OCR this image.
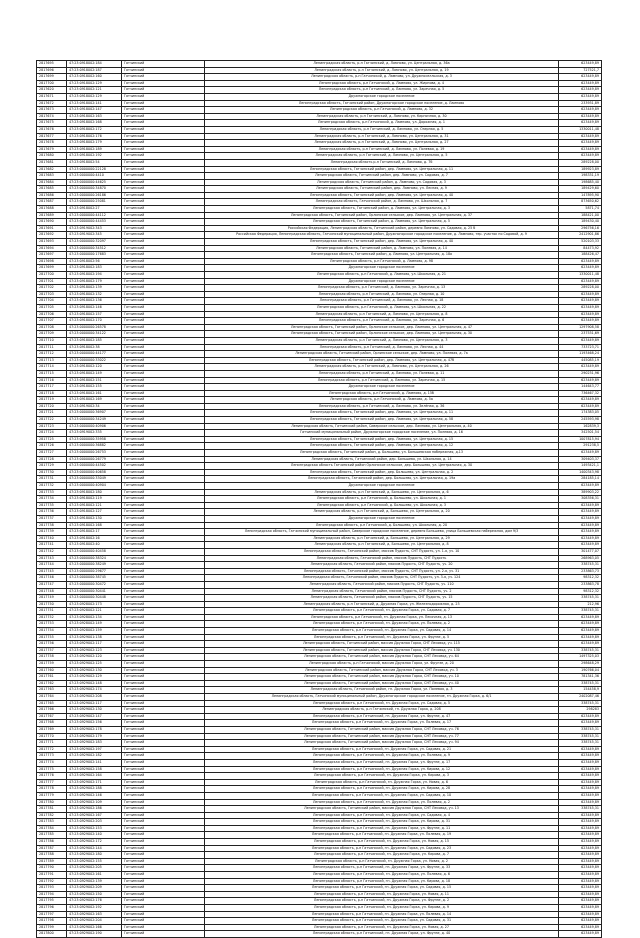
2817695	47:23:0918002:184	Гатчинский	Ленинградская область, р-н Гатчинский, д. Лампово, ул. Центральная, д. 36а	623449,89
2817696	47:23:0918002:187	Гатчинский	Ленинградская область, р-н Гатчинский, д. Лампово, ул. Центральная, д. 19	727521,7
2817699	47:23:0918002:160	Гатчинский	Ленинградская область, р-н Гатчинский, д. Лампово, ул. Дружноселльская, д. 3	623449,89
2817700	47:23:0918002:129	Гатчинский	Ленинградская область, р-н Гатчинский, д. Лампово, ул. Жирнова, д. 4	623449,89
2817620	47:23:0918002:121	Гатчинский	Ленинградская область, р-н Гатчинский, д. Лампово, ул. Заречная, д. 5	623449,89
2817671	47:23:0918002:129	Гатчинский	Дружногорское городское поселение	623449,89
2817672	47:23:0918002:141	Гатчинский	Ленинградская область, Гатчинский район, Дружногорское городское поселение, д. Лампово	233931,89
2817673	47:23:0918002:147	Гатчинский	Ленинградская область, р-н Гатчинский, д. Лампово, д. 32	623449,89
2817674	47:23:0918002:163	Гатчинский	Ленинградская область, р-н Гатчинский, д. Лампово, ул. Кирпичная, д. 30	623449,89
2817675	47:23:0918002:168	Гатчинский	Ленинградская область, р-н Гатчинский, д. Лампово, ул. Дорожная, д. 1	623449,89
2817676	47:23:0918002:172	Гатчинский	Ленинградская область, р-н Гатчинский, д. Лампово, ул. Озерная, д. 5	1330011,48
2817677	47:23:0918002:176	Гатчинский	Ленинградская область, р-н Гатчинский, д. Лампово, ул. Центральная, д. 31	623449,89
2817678	47:23:0918002:179	Гатчинский	Ленинградская область, р-н Гатчинский, д. Лампово, ул. Центральная, д. 27	623449,89
2817679	47:23:0918002:189	Гатчинский	Ленинградская область, р-н Гатчинский, д. Лампово, ул. Полевая, д. 19	623449,89
2817680	47:23:0918002:192	Гатчинский	Ленинградская область, р-н Гатчинский, д. Лампово, ул. Центральная, д. 5	623449,89
2817681	47:23:0918002:54	Гатчинский	Ленинградская область р-н Гатчинский, д. Лампово, д. 7б	289228,00
2817682	47:23:0000000:22128	Гатчинский	Ленинградская область, Гатчинский район, дер. Лампово, ул. Центральная, д. 11	189923,89
2817683	47:23:0000000:4410	Гатчинский	Ленинградская область, Гатчинский район, дер. Лампово, ул. Садовая, д. 7	198331,19
2817684	47:23:0000000:44625	Гатчинский	Ленинградская область, Гатчинский район, д. Лампово, ул. Садовая, д. 3	198685,40
2817685	47:23:0000000:34870	Гатчинский	Ленинградская область, Гатчинский район, дер. Лампово, ул. Лесная, д. 9	189429,60
2817686	47:23:0000000:26186	Гатчинский	Ленинградская область, Гатчинский район, дер. Лампово, ул. Центральная, д. 40	147895,90
2817687	47:23:0000000:25081	Гатчинский	Ленинградская область, Гатчинский район, д. Лампово, ул. Школьная, д. 7	873650,62
2817688	47:23:0918002:27	Гатчинский	Ленинградская область, Гатчинский район, д. Лампово, ул. Центральная, д. 3	5871,74
2817689	47:23:0000000:44112	Гатчинский	Ленинградская область, Гатчинский район, Орлинское сельское, дер. Лампово, ул. Центральная, д. 37	188421,00
2817690	47:23:0000000:44453	Гатчинский	Ленинградская область, Гатчинский район, д. Лампово, ул. Центральная, д. 5	189430,40
2817691	47:23:0919002:343	Гатчинский	Российская Федерация, Ленинградская область, Гатчинский район, деревня Лампово, ул. Садовая, д. 25 б	296756,16
2817692	47:23:0919002:345	Гатчинский	Российская Федерация, Ленинградская область, Гатчинский муниципальный район, Дружногорское городское поселение, д. Лампово, тер. участок по Садовой, д. 9	2412901,86
2817693	47:23:0000000:32097	Гатчинский	Ленинградская область, Гатчинский район, дер. Лампово, ул. Центральная, д. 40	520103,33
2817694	47:23:0000000:34512	Гатчинский	Ленинградская область, Гатчинский район, д. Лампово, ул. Полевая, д. 14	84473,92
2817697	47:23:0000000:17683	Гатчинский	Ленинградская область, Гатчинский район, д. Лампово, ул. Центральная, д. 18а	188426,47
2817698	47:23:0918002:56	Гатчинский	Ленинградская область, р-н Гатчинский, д. Лампово, д. 98	623449,89
2817699	47:23:0918002:183	Гатчинский	Дружногорское городское поселение	623449,89
2817700	47:23:0918002:194	Гатчинский	Ленинградская область, р-н Гатчинский, д. Лампово, ул. Школьная, д. 21	1330011,48
2817701	47:23:0918002:179	Гатчинский	Дружногорское городское поселение	623449,89
2817702	47:23:0918002:139	Гатчинский	Ленинградская область, р-н Гатчинский, д. Лампово, ул. Заречная, д. 13	289228,00
2817703	47:23:0918002:132	Гатчинский	Ленинградская область, р-н Гатчинский, д. Лампово, ул. Озерная, д. 10	623449,89
2817704	47:23:0918002:136	Гатчинский	Ленинградская область, р-н Гатчинский, д. Лампово, ул. Лесная, д. 18	623449,89
2817705	47:23:0918002:146	Гатчинский	Ленинградская область, р-н Гатчинский, д. Лампово, ул. Школьная, д. 22	623449,89
2817706	47:23:0918002:157	Гатчинский	Ленинградская область, р-н Гатчинский, д. Лампово, ул. Центральная, д. 8	623449,89
2817707	47:23:0918002:170	Гатчинский	Ленинградская область, р-н Гатчинский, д. Лампово, ул. Заречная, д. 6	623449,89
2817708	47:23:0000000:26578	Гатчинский	Ленинградская область, Гатчинский район, Орлинское сельское, дер. Лампово, ул. Центральная, д. 47	1297908,58
2817709	47:23:0000000:34122	Гатчинский	Ленинградская область, Гатчинский район, Орлинское сельское, дер. Лампово, ул. Центральная, д. 30	237531,69
2817710	47:23:0918002:185	Гатчинский	Ленинградская область, р-н Гатчинский, д. Лампово, ул. Центральная, д. 3	623449,89
2817711	47:23:0918002:38	Гатчинский	Ленинградская область, р-н Гатчинский, д. Лампово, ул. Лесная, д. 44	733723,71
2817712	47:23:0000000:44177	Гатчинский	Ленинградская область, Гатчинский район, Орлинское сельское, дер. Лампово, ул. Полевая, д. 7а	1193468,24
2817713	47:23:0000000:33022	Гатчинский	Ленинградская область, Гатчинский район, дер. Лампово, ул. Центральная, д. 47б	445085,19
2817714	47:23:0918002:120	Гатчинский	Ленинградская область, р-н Гатчинский, д. Лампово, ул. Центральная, д. 26	623449,89
2817715	47:23:0918002:149	Гатчинский	Ленинградская область, р-н Гатчинский, д. Лампово, ул. Полевая, д. 11	290231,96
2817716	47:23:0918002:151	Гатчинский	Ленинградская область, р-н Гатчинский, д. Лампово, ул. Заречная, д. 15	623449,89
2817717	47:23:0918002:155	Гатчинский	Дружногорское городское поселение	144643,77
2817718	47:23:0918002:161	Гатчинский	Ленинградская область, р-н Гатчинский, д. Лампово, д. 15б	736467,32
2817719	47:23:0918002:169	Гатчинский	Ленинградская область, р-н Гатчинский, д. Лампово, д. 5а	623449,89
2817720	47:23:0919002:34	Гатчинский	Ленинградская область, р-н Гатчинский, д. Лампово, ул. Зелёная, д. 36	623449,89
2817721	47:23:0000000:36907	Гатчинский	Ленинградская область, Гатчинский район, дер. Лампово, ул. Центральная, д. 11	174383,05
2817722	47:23:0000000:34249	Гатчинский	Ленинградская область, Гатчинский район, дер. Лампово, ул. Центральная, д. 58	245593,98
2817723	47:23:0000000:40906	Гатчинский	Ленинградская область, Гатчинский район, Сиверское сельское, дер. Лампово, ул. Центральная, д. 40	162839,3
2817724	47:23:0919002:335	Гатчинский	Гатчинский муниципальный район, Дружногорское городское поселение, ул. Полевая, д. 16	342501,54
2817725	47:23:0000000:35958	Гатчинский	Ленинградская область, Гатчинский район, дер. Лампово, ул. Центральная, д. 15	1007815,94
2817726	47:23:0000000:36882	Гатчинский	Ленинградская область, Гатчинский район, дер. Лампово, ул. Центральная, д. 12	291238,5
2817727	47:23:0000000:26753	Гатчинский	Ленинградская область, Гатчинский район, д. Большево, ул. Большевская набережная, д.13	623449,89
2817728	47:23:0000000:26779	Гатчинский	Ленинградская область, Гатчинский район, дер. Большево, ул. Школьная, д. 14	309403,37
2817729	47:23:0000000:44502	Гатчинский	Ленинградская область Гатчинский район Орлинское сельское, дер. Большево, ул. Центральная, д. 30	1493421,1
2817730	47:23:0000000:40658	Гатчинский	Ленинградская область, Гатчинский район, дер. Большево, ул. Центральная, д. 2	1400343,98
2817731	47:23:0000000:33049	Гатчинский	Ленинградская область, Гатчинский район, дер. Большево, ул. Центральная, д. 19а	284185,14
2817732	47:23:0000000:40904	Гатчинский	Дружногорское городское поселение	623449,89
2817733	47:23:0918002:180	Гатчинский	Ленинградская область, р-н Гатчинский, д. Большево, ул. Центральная, д. 6	389903,22
2817734	47:23:0918002:119	Гатчинский	Ленинградская область, р-н Гатчинский, д. Большево, ул. Школьная, д. 1	308356,31
2817735	47:23:0918002:121	Гатчинский	Ленинградская область, р-н Гатчинский, д. Большево, ул. Школьная, д. 3	623449,89
2817736	47:23:0918002:127	Гатчинский	Ленинградская область, р-н Гатчинский, д. Большево, ул. Центральная, д. 20	623449,89
2817737	47:23:0918002:130	Гатчинский	Дружногорское городское поселение	623449,89
2817738	47:23:0918002:168	Гатчинский	Ленинградская область, р-н Гатчинский, д. Большево, ул. Школьная, д. 20	623449,89
2817739	47:23:0918002:17	Гатчинский	Ленинградская область, Гатчинский муниципальный район, Сиверское городское поселение, деревня Большево, улица Большевская набережная, дом 9/3	623449,89
2817740	47:23:0918002:16	Гатчинский	Ленинградская область, р-н Гатчинский, д. Большево, ул. Центральная, д. 29	623449,89
2817741	47:23:0918002:40	Гатчинский	Ленинградская область, р-н Гатчинский, д. Большево, ул. Центральная, д. 8	623449,89
2817742	47:23:0000000:40458	Гатчинский	Ленинградская область, Гатчинский район, массив Пудость, СНТ Пудость, ул. 1-я, уч. 10	301477,07
2817743	47:23:0000000:38324	Гатчинский	Ленинградская область, Гатчинский район, массив Пудость, СНТ Пудость	268963,05
2817744	47:23:0000000:38249	Гатчинский	Ленинградская область, Гатчинский район, массив Пудость, СНТ Пудость, уч. 20	338745,31
2817745	47:23:0000000:29677	Гатчинский	Ленинградская область, Гатчинский район, массив Пудость, СНТ Пудость, ул. 2-я, уч. 31	233863,73
2817746	47:23:0000000:38745	Гатчинский	Ленинградская область, Гатчинский район, массив Пудость, СНТ Пудость, ул. 3-я, уч. 124	98312,32
2817747	47:23:0000000:30472	Гатчинский	Ленинградская область, Гатчинский район, массив Пудость, СНТ Пудость, уч. 110	233863,78
2817748	47:23:0000000:30441	Гатчинский	Ленинградская область, Гатчинский район, массив Пудость, СНТ Пудость, уч. 2	98312,32
2817749	47:23:0000000:30448	Гатчинский	Ленинградская область, Гатчинский район, массив Пудость, СНТ Пудость, уч. 15	338745,31
2817750	47:23:0928002:173	Гатчинский	Ленинградская область, р-н Гатчинский, д. Дружная Горка, ул. Железнодорожная, д. 23	212,96
2817751	47:23:0928002:121	Гатчинский	Ленинградская область, р-н Гатчинский, гп. Дружная Горка, ул. Садовая, д. 7	338745,31
2817752	47:23:0928002:134	Гатчинский	Ленинградская область, р-н Гатчинский, гп. Дружная Горка, ул. Песочная, д. 13	623449,89
2817753	47:23:0928002:149	Гатчинский	Ленинградская область, р-н Гатчинский, гп. Дружная Горка, ул. Полевая, д. 2	623449,89
2817754	47:23:0928002:159	Гатчинский	Ленинградская область, р-н Гатчинский, гп. Дружная Горка, ул. Садовая, д. 14	623449,89
2817755	47:23:0929001:138	Гатчинский	Ленинградская область, р-н Гатчинский, гп. Дружная Горка, ул. Фрунзе, д. 5	623449,89
2817756	47:23:0929002:117	Гатчинский	Ленинградская область, Гатчинский район, массив Дружная Горка, СНТ Лесовод, уч. 115	623449,89
2817757	47:23:0929002:123	Гатчинский	Ленинградская область, Гатчинский район, массив Дружная Горка, СНТ Лесовод, уч. 130	338745,31
2817758	47:23:0929002:120	Гатчинский	Ленинградская область, Гатчинский район, массив Дружная Горка, СНТ Лесовод, уч. 64	1497325,03
2817759	47:23:0929002:125	Гатчинский	Ленинградская область, р-н Гатчинский, массив Дружная Горка, ул. Фрунзе, д. 20	298648,29
2817760	47:23:0929002:130	Гатчинский	Ленинградская область, Гатчинский район, массив Дружная Горка, СНТ Лесовод, уч. 3	190766,04
2817761	47:23:0929002:129	Гатчинский	Ленинградская область, Гатчинский район, массив Дружная Горка, СНТ Лесовод, уч. 10	781341,36
2817762	47:23:0929002:148	Гатчинский	Ленинградская область, Гатчинский район, массив Дружная Горка, СНТ Лесовод, уч. 40	338745,31
2817763	47:23:0929002:174	Гатчинский	Ленинградская область, Гатчинский район, гп. Дружная Горка, ул. Полевая, д. 3	154458,9
2817764	47:23:0929002:208	Гатчинский	Ленинградская область, Гатчинский муниципальный район, Дружногорское городское поселение, гп. Дружная Горка, д. 6/1	2402087,46
2817765	47:23:0929002:117	Гатчинский	Ленинградская область, р-н Гатчинский, гп. Дружная Горка, ул. Садовая, д. 5	338745,31
2817766	47:23:0929002:130	Гатчинский	Ленинградская область, р-н Гатчинский, гп. Дружная Горка, д. 208	298283
2817767	47:23:0929002:147	Гатчинский	Ленинградская область, р-н Гатчинский, гп. Дружная Горка, ул. Фрунзе, д. 47	623449,89
2817768	47:23:0929002:156	Гатчинский	Ленинградская область, р-н Гатчинский, гп. Дружная Горка, ул. Полевая, д. 17	623449,89
2817769	47:23:0929002:178	Гатчинский	Ленинградская область, Гатчинский район, массив Дружная Горка, СНТ Лесовод, уч. 76	338745,31
2817770	47:23:0929002:179	Гатчинский	Ленинградская область, Гатчинский район, массив Дружная Горка, СНТ Лесовод, уч. 77	338745,31
2817771	47:23:0929002:183	Гатчинский	Ленинградская область, Гатчинский район, массив Дружная Горка, СНТ Лесовод, уч. 94	338745,31
2817772	47:23:0929002:197	Гатчинский	Ленинградская область, р-н Гатчинский, гп. Дружная Горка, ул. Садовая, д. 21	623449,89
2817773	47:23:0929002:182	Гатчинский	Ленинградская область, р-н Гатчинский, гп. Дружная Горка, ул. Полевая, д. 9	623449,89
2817774	47:23:0929002:141	Гатчинский	Ленинградская область, р-н Гатчинский, гп. Дружная Горка, ул. Фрунзе, д. 17	623449,89
2817775	47:23:0929002:158	Гатчинский	Ленинградская область, р-н Гатчинский, гп. Дружная Горка, ул. Кирова, д. 12	623449,89
2817776	47:23:0929002:164	Гатчинский	Ленинградская область, р-н Гатчинский, гп. Дружная Горка, ул. Кирова, д. 3	623449,89
2817777	47:23:0929002:171	Гатчинский	Ленинградская область, р-н Гатчинский, гп. Дружная Горка, ул. Новая, д. 6	623449,89
2817778	47:23:0929002:188	Гатчинский	Ленинградская область, р-н Гатчинский, гп. Дружная Горка, ул. Кирова, д. 28	623449,89
2817779	47:23:0929002:146	Гатчинский	Ленинградская область, р-н Гатчинский, гп. Дружная Горка, ул. Садовая, д. 10	623449,89
2817780	47:23:0929002:109	Гатчинский	Ленинградская область, р-н Гатчинский, гп. Дружная Горка, ул. Полевая, д. 2	623449,89
2817781	47:23:0929002:186	Гатчинский	Ленинградская область, Гатчинский район, массив Дружная Горка, СНТ Лесовод, уч. 13	338745,31
2817782	47:23:0929002:167	Гатчинский	Ленинградская область, р-н Гатчинский, гп. Дружная Горка, ул. Садовая, д. 4	623449,89
2817783	47:23:0929002:203	Гатчинский	Ленинградская область, р-н Гатчинский, гп. Дружная Горка, ул. Кирова, д. 31	623449,89
2817784	47:23:0929002:153	Гатчинский	Ленинградская область, р-н Гатчинский, гп. Дружная Горка, ул. Фрунзе, д. 11	623449,89
2817785	47:23:0929002:140	Гатчинский	Ленинградская область, р-н Гатчинский, гп. Дружная Горка, ул. Полевая, д. 19	623449,89
2817786	47:23:0929002:172	Гатчинский	Ленинградская область, р-н Гатчинский, гп. Дружная Горка, ул. Новая, д. 15	623449,89
2817787	47:23:0929002:144	Гатчинский	Ленинградская область, р-н Гатчинский, гп. Дружная Горка, ул. Садовая, д. 23	623449,89
2817788	47:23:0929002:180	Гатчинский	Ленинградская область, р-н Гатчинский, гп. Дружная Горка, ул. Кирова, д. 7	623449,89
2817789	47:23:0929002:155	Гатчинский	Ленинградская область, р-н Гатчинский, гп. Дружная Горка, ул. Новая, д. 2	623449,89
2817790	47:23:0929002:205	Гатчинский	Ленинградская область, р-н Гатчинский, гп. Дружная Горка, ул. Фрунзе, д. 33	623449,89
2817791	47:23:0929002:161	Гатчинский	Ленинградская область, р-н Гатчинский, гп. Дружная Горка, ул. Полевая, д. 6	623449,89
2817792	47:23:0929002:139	Гатчинский	Ленинградская область, р-н Гатчинский, гп. Дружная Горка, ул. Кирова, д. 18	623449,89
2817793	47:23:0929002:209	Гатчинский	Ленинградская область, р-н Гатчинский, гп. Дружная Горка, ул. Садовая, д. 15	623449,89
2817794	47:23:0929002:150	Гатчинский	Ленинградская область, р-н Гатчинский, гп. Дружная Горка, ул. Новая, д. 11	623449,89
2817795	47:23:0929002:176	Гатчинский	Ленинградская область, р-н Гатчинский, гп. Дружная Горка, ул. Фрунзе, д. 2	623449,89
2817796	47:23:0929002:192	Гатчинский	Ленинградская область, р-н Гатчинский, гп. Дружная Горка, ул. Кирова, д. 9	623449,89
2817797	47:23:0929002:163	Гатчинский	Ленинградская область, р-н Гатчинский, гп. Дружная Горка, ул. Полевая, д. 14	623449,89
2817798	47:23:0929002:204	Гатчинский	Ленинградская область, р-н Гатчинский, гп. Дружная Горка, ул. Садовая, д. 31	623449,89
2817799	47:23:0929002:166	Гатчинский	Ленинградская область, р-н Гатчинский, гп. Дружная Горка, ул. Новая, д. 27	623449,89
2817800	47:23:0929002:190	Гатчинский	Ленинградская область, р-н Гатчинский, гп. Дружная Горка, ул. Фрунзе, д. 40	623449,89
